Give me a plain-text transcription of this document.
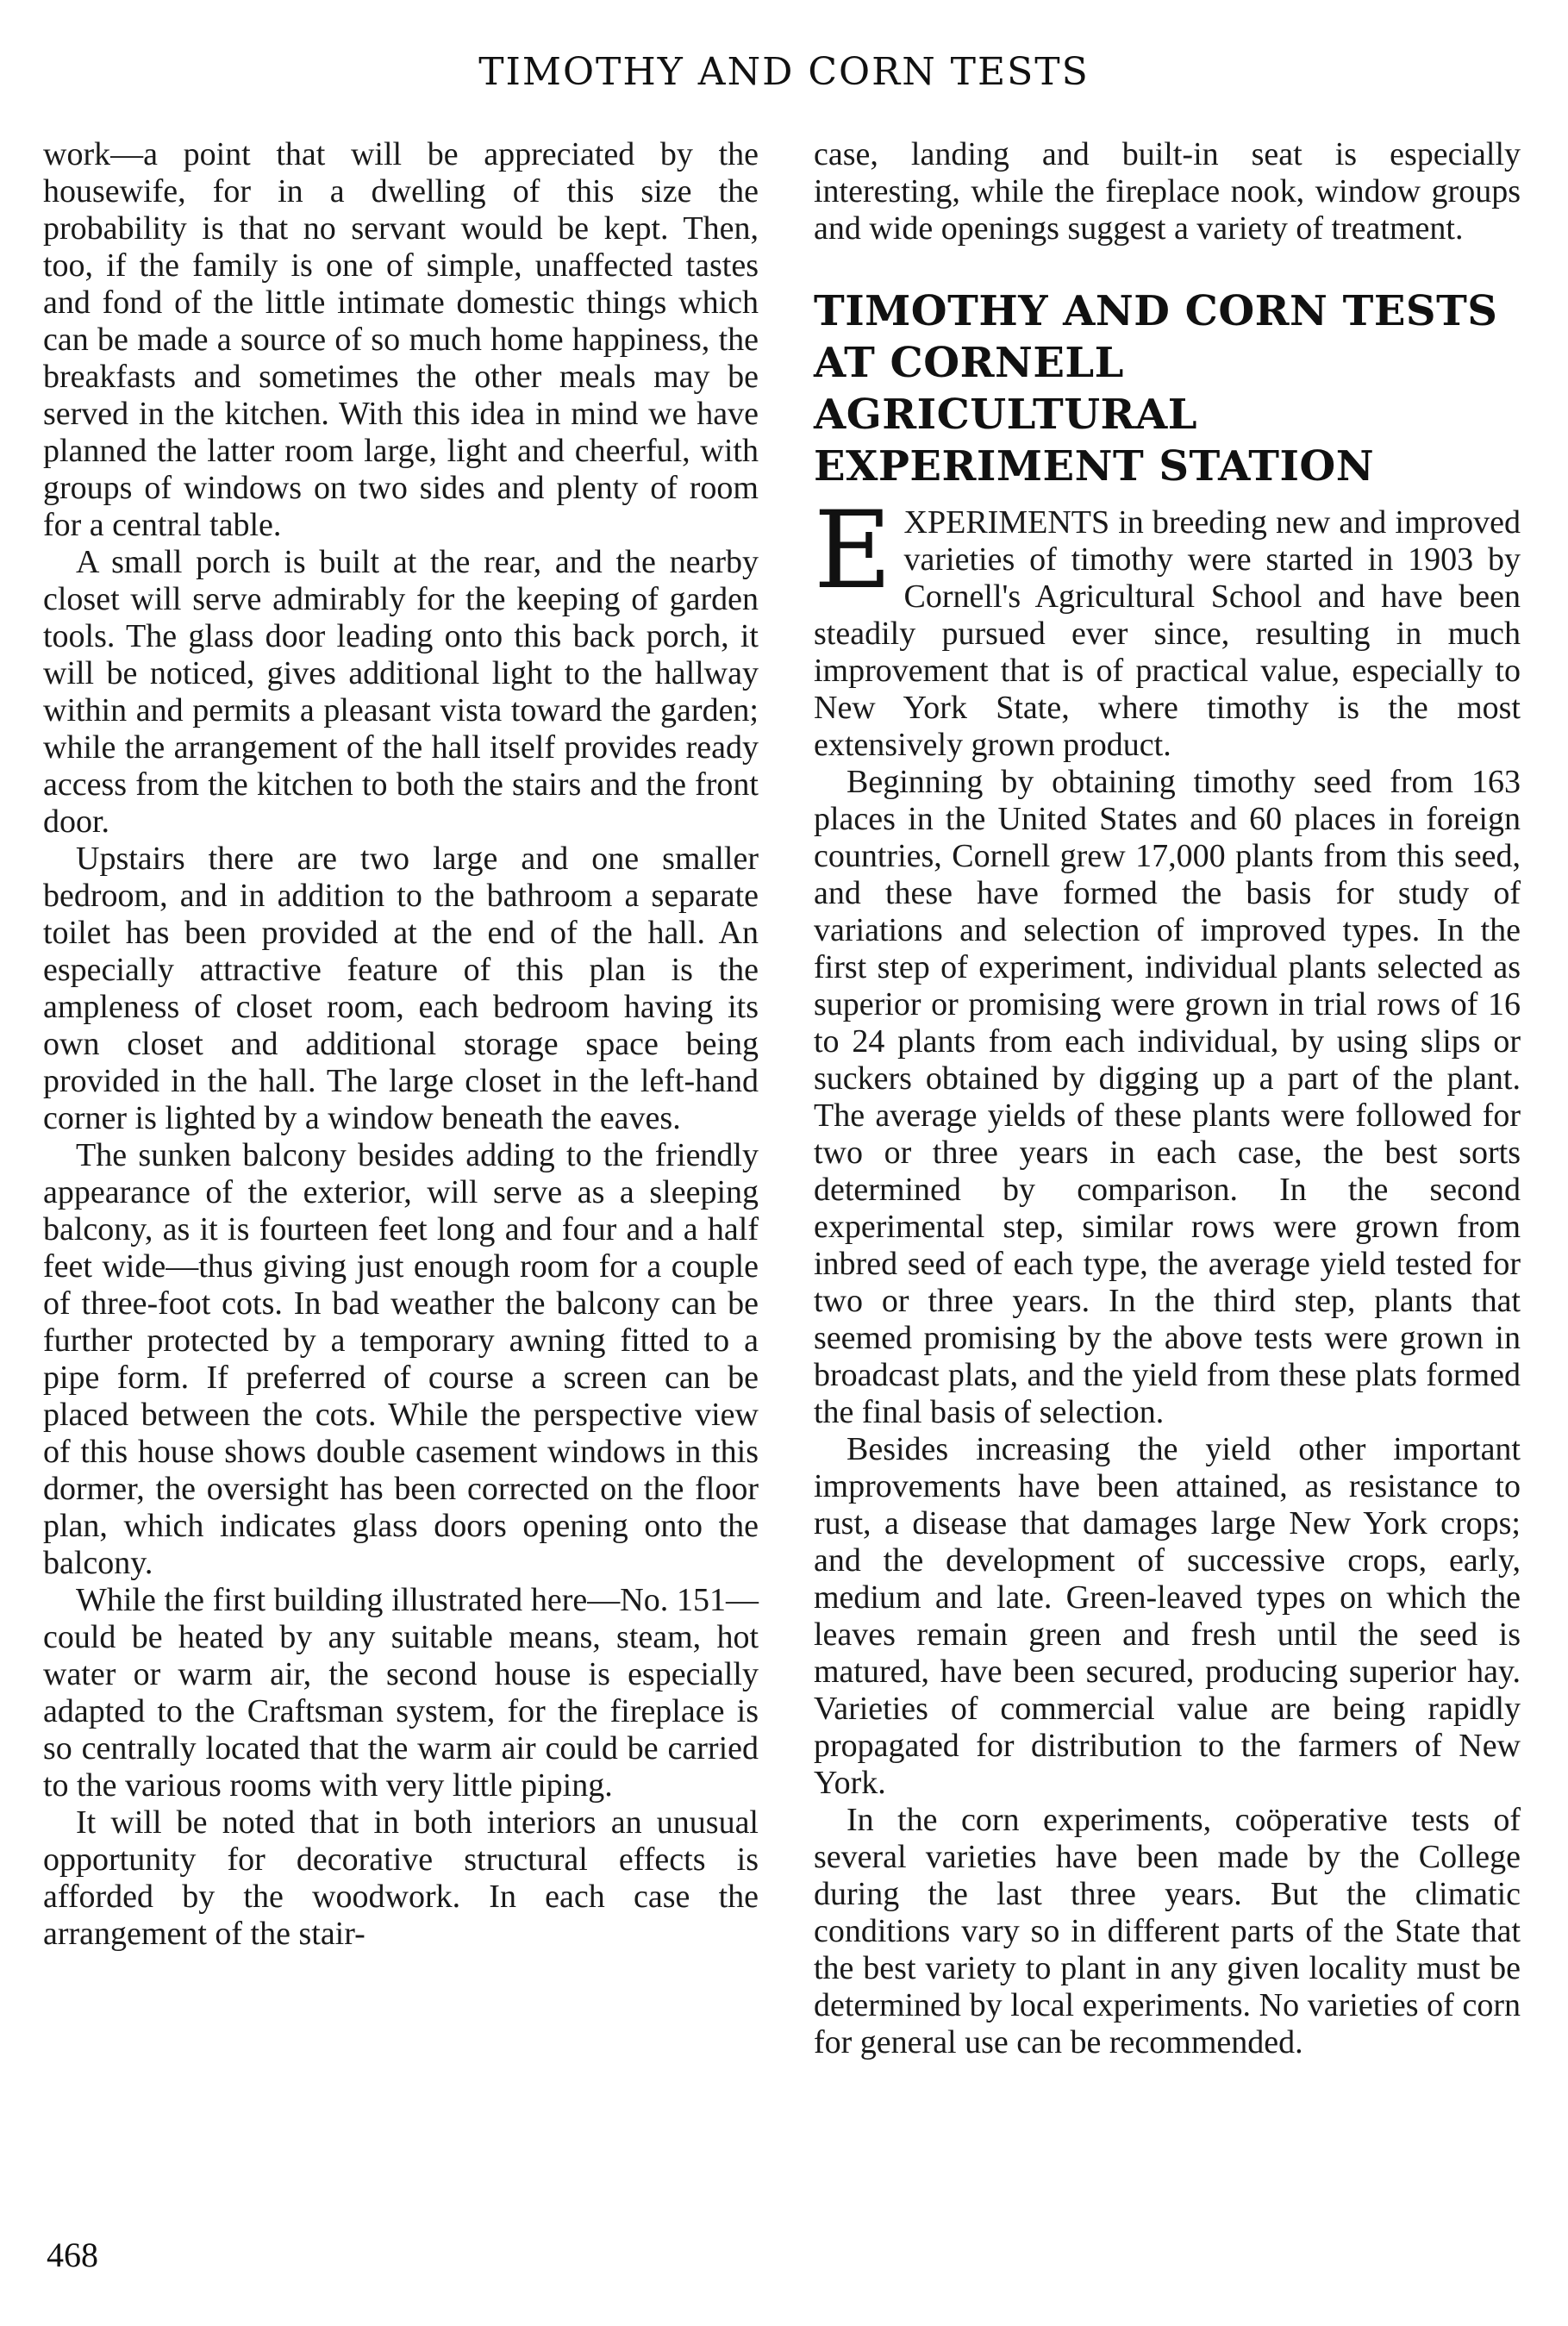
TIMOTHY AND CORN TESTS

work—a point that will be appreciated by the housewife, for in a dwelling of this size the probability is that no servant would be kept. Then, too, if the family is one of simple, unaffected tastes and fond of the little intimate domestic things which can be made a source of so much home happiness, the breakfasts and sometimes the other meals may be served in the kitchen. With this idea in mind we have planned the latter room large, light and cheerful, with groups of windows on two sides and plenty of room for a central table.

A small porch is built at the rear, and the nearby closet will serve admirably for the keeping of garden tools. The glass door leading onto this back porch, it will be noticed, gives additional light to the hallway within and permits a pleasant vista toward the garden; while the arrangement of the hall itself provides ready access from the kitchen to both the stairs and the front door.

Upstairs there are two large and one smaller bedroom, and in addition to the bathroom a separate toilet has been provided at the end of the hall. An especially attractive feature of this plan is the ampleness of closet room, each bedroom having its own closet and additional storage space being provided in the hall. The large closet in the left-hand corner is lighted by a window beneath the eaves.

The sunken balcony besides adding to the friendly appearance of the exterior, will serve as a sleeping balcony, as it is fourteen feet long and four and a half feet wide—thus giving just enough room for a couple of three-foot cots. In bad weather the balcony can be further protected by a temporary awning fitted to a pipe form. If preferred of course a screen can be placed between the cots. While the perspective view of this house shows double casement windows in this dormer, the oversight has been corrected on the floor plan, which indicates glass doors opening onto the balcony.

While the first building illustrated here—No. 151—could be heated by any suitable means, steam, hot water or warm air, the second house is especially adapted to the Craftsman system, for the fireplace is so centrally located that the warm air could be carried to the various rooms with very little piping.

It will be noted that in both interiors an unusual opportunity for decorative structural effects is afforded by the woodwork. In each case the arrangement of the stair-

case, landing and built-in seat is especially interesting, while the fireplace nook, window groups and wide openings suggest a variety of treatment.

TIMOTHY AND CORN TESTS AT CORNELL AGRICULTURAL EXPERIMENT STATION

EXPERIMENTS in breeding new and improved varieties of timothy were started in 1903 by Cornell's Agricultural School and have been steadily pursued ever since, resulting in much improvement that is of practical value, especially to New York State, where timothy is the most extensively grown product.

Beginning by obtaining timothy seed from 163 places in the United States and 60 places in foreign countries, Cornell grew 17,000 plants from this seed, and these have formed the basis for study of variations and selection of improved types. In the first step of experiment, individual plants selected as superior or promising were grown in trial rows of 16 to 24 plants from each individual, by using slips or suckers obtained by digging up a part of the plant. The average yields of these plants were followed for two or three years in each case, the best sorts determined by comparison. In the second experimental step, similar rows were grown from inbred seed of each type, the average yield tested for two or three years. In the third step, plants that seemed promising by the above tests were grown in broadcast plats, and the yield from these plats formed the final basis of selection.

Besides increasing the yield other important improvements have been attained, as resistance to rust, a disease that damages large New York crops; and the development of successive crops, early, medium and late. Green-leaved types on which the leaves remain green and fresh until the seed is matured, have been secured, producing superior hay. Varieties of commercial value are being rapidly propagated for distribution to the farmers of New York.

In the corn experiments, coöperative tests of several varieties have been made by the College during the last three years. But the climatic conditions vary so in different parts of the State that the best variety to plant in any given locality must be determined by local experiments. No varieties of corn for general use can be recommended.

468
